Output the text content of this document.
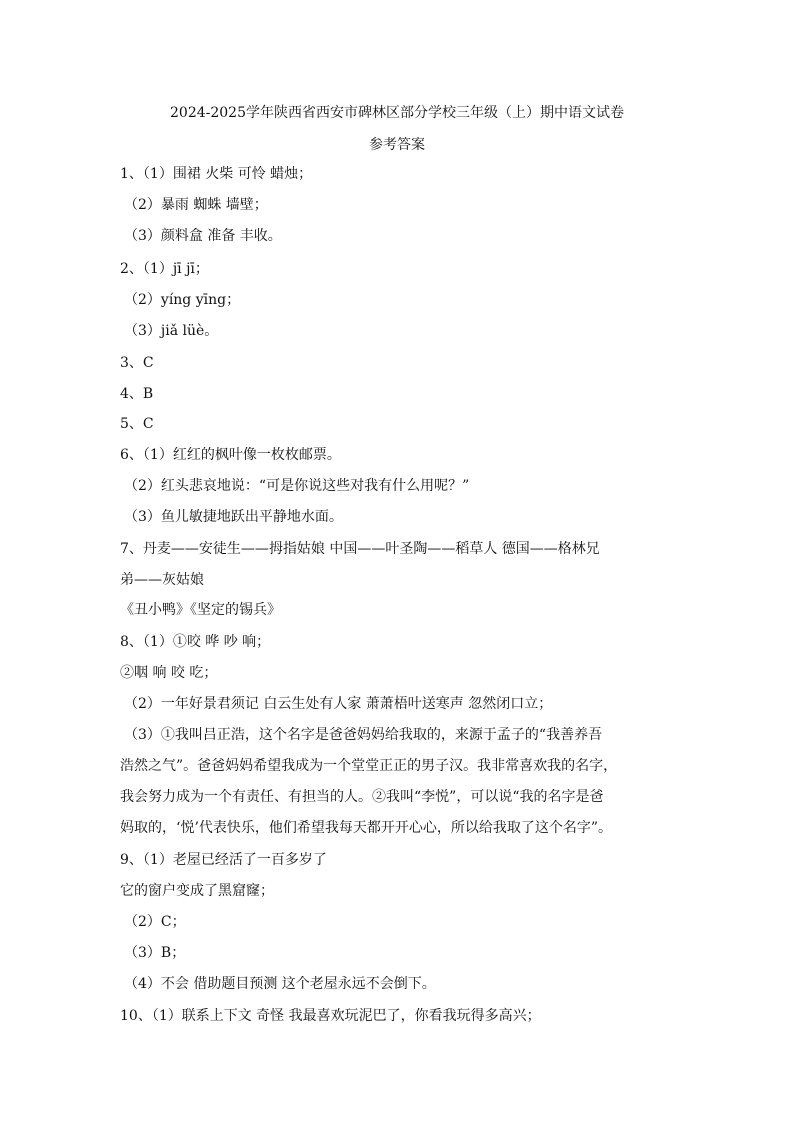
2024-2025学年陕西省西安市碑林区部分学校三年级（上）期中语文试卷
参考答案
1、（1）围裙 火柴 可怜 蜡烛；
（2）暴雨 蜘蛛 墙壁；
（3）颜料盒 准备 丰收。
2、（1）jī jī；
（2）yíng yīng；
（3）jiǎ lüè。
3、C
4、B
5、C
6、（1）红红的枫叶像一枚枚邮票。
（2）红头悲哀地说：“可是你说这些对我有什么用呢？”
（3）鱼儿敏捷地跃出平静地水面。
7、丹麦——安徒生——拇指姑娘 中国——叶圣陶——稻草人 德国——格林兄
弟——灰姑娘
《丑小鸭》《坚定的锡兵》
8、（1）①咬 哗 吵 响；
②咽 响 咬 吃；
（2）一年好景君须记 白云生处有人家 萧萧梧叶送寒声 忽然闭口立；
（3）①我叫吕正浩，这个名字是爸爸妈妈给我取的，来源于孟子的“我善养吾
浩然之气”。爸爸妈妈希望我成为一个堂堂正正的男子汉。我非常喜欢我的名字，
我会努力成为一个有责任、有担当的人。②我叫“李悦”，可以说“我的名字是爸
妈取的，‘悦’代表快乐，他们希望我每天都开开心心，所以给我取了这个名字”。
9、（1）老屋已经活了一百多岁了
它的窗户变成了黑窟窿；
（2）C；
（3）B；
（4）不会 借助题目预测 这个老屋永远不会倒下。
10、（1）联系上下文 奇怪 我最喜欢玩泥巴了，你看我玩得多高兴；
